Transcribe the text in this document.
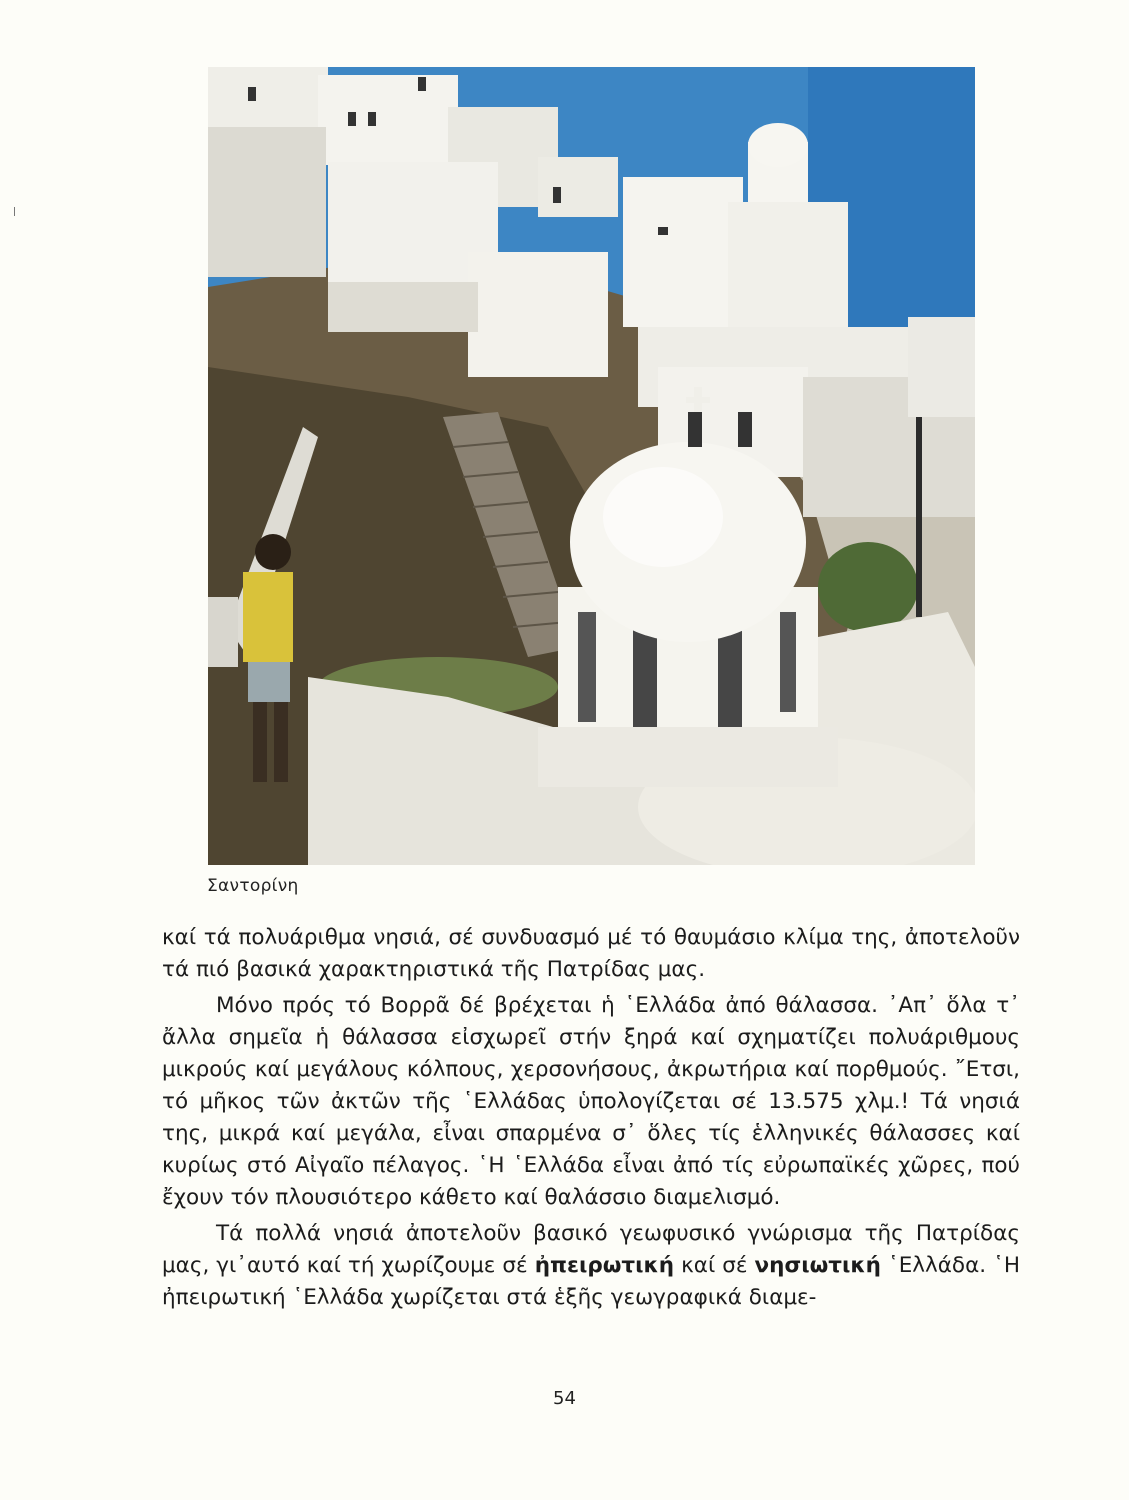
Σαντορίνη

καί τά πολυάριθμα νησιά, σέ συνδυασμό μέ τό θαυμάσιο κλίμα της, ἀποτελοῦν τά πιό βασικά χαρακτηριστικά τῆς Πατρίδας μας.

Μόνο πρός τό Βορρᾶ δέ βρέχεται ἡ ῾Ελλάδα ἀπό θάλασσα. ᾿Απ᾿ ὅλα τ᾿ ἄλλα σημεῖα ἡ θάλασσα εἰσχωρεῖ στήν ξηρά καί σχηματίζει πολυάριθμους μικρούς καί μεγάλους κόλπους, χερσονήσους, ἀκρωτήρια καί πορθμούς. ῎Ετσι, τό μῆκος τῶν ἀκτῶν τῆς ῾Ελλάδας ὑπολογίζεται σέ 13.575 χλμ.! Τά νησιά της, μικρά καί μεγάλα, εἶναι σπαρμένα σ᾿ ὅλες τίς ἑλληνικές θάλασσες καί κυρίως στό Αἰγαῖο πέλαγος. ῾Η ῾Ελλάδα εἶναι ἀπό τίς εὐρωπαϊκές χῶρες, πού ἔχουν τόν πλουσιότερο κάθετο καί θαλάσσιο διαμελισμό.

Τά πολλά νησιά ἀποτελοῦν βασικό γεωφυσικό γνώρισμα τῆς Πατρίδας μας, γι᾿αυτό καί τή χωρίζουμε σέ ἠπειρωτική καί σέ νησιωτική ῾Ελλάδα. ῾Η ἠπειρωτική ῾Ελλάδα χωρίζεται στά ἑξῆς γεωγραφικά διαμε-

54
